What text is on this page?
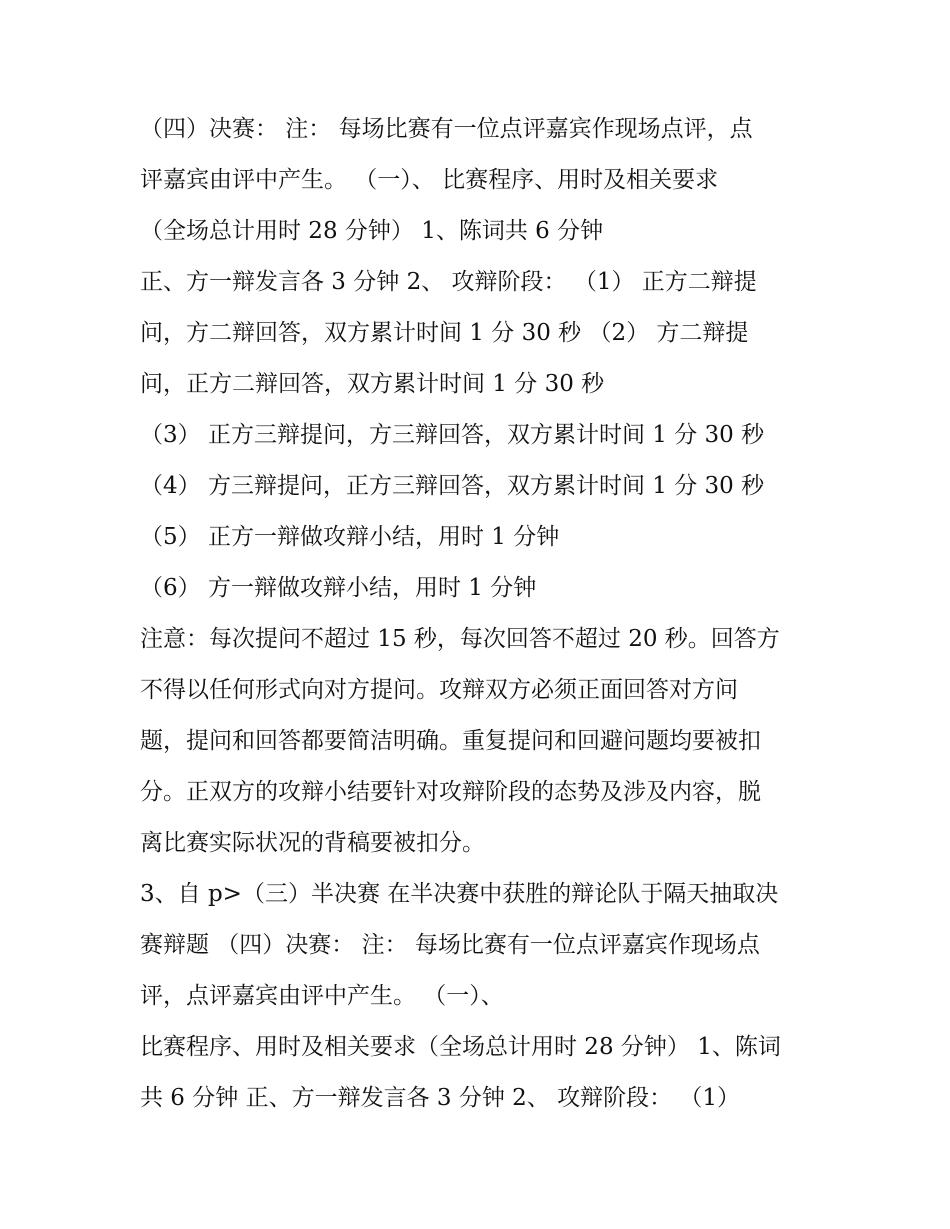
（四）决赛： 注： 每场比赛有一位点评嘉宾作现场点评，点
评嘉宾由评中产生。 （一）、 比赛程序、用时及相关要求
（全场总计用时 28 分钟） 1、陈词共 6 分钟
正、方一辩发言各 3 分钟 2、 攻辩阶段： （1） 正方二辩提
问，方二辩回答，双方累计时间 1 分 30 秒 （2） 方二辩提
问，正方二辩回答，双方累计时间 1 分 30 秒
（3） 正方三辩提问，方三辩回答，双方累计时间 1 分 30 秒
（4） 方三辩提问，正方三辩回答，双方累计时间 1 分 30 秒
（5） 正方一辩做攻辩小结，用时 1 分钟
（6） 方一辩做攻辩小结，用时 1 分钟
注意：每次提问不超过 15 秒，每次回答不超过 20 秒。回答方
不得以任何形式向对方提问。攻辩双方必须正面回答对方问
题，提问和回答都要简洁明确。重复提问和回避问题均要被扣
分。正双方的攻辩小结要针对攻辩阶段的态势及涉及内容，脱
离比赛实际状况的背稿要被扣分。
3、自 p>（三）半决赛 在半决赛中获胜的辩论队于隔天抽取决
赛辩题 （四）决赛： 注： 每场比赛有一位点评嘉宾作现场点
评，点评嘉宾由评中产生。 （一）、
比赛程序、用时及相关要求（全场总计用时 28 分钟） 1、陈词
共 6 分钟 正、方一辩发言各 3 分钟 2、 攻辩阶段： （1）
